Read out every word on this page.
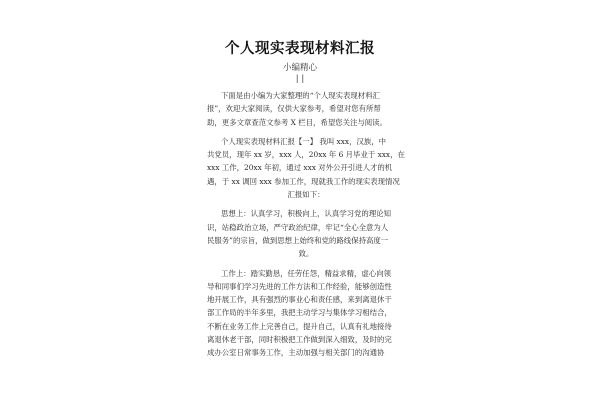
个人现实表现材料汇报
小编精心
| |
下面是由小编为大家整理的“个人现实表现材料汇
报”，欢迎大家阅读，仅供大家参考，希望对您有所帮
助，更多文章查范文参考 X 栏目，希望您关注与阅读。
个人现实表现材料汇报【一】 我叫 xxx，汉族，中
共党员，现年 xx 岁，xxx 人，20xx 年 6 月毕业于 xxx，在
xxx 工作，20xx 年初，通过 xxx 对外公开引进人才的机
遇，于 xx 调回 xxx 参加工作，现就我工作的现实表现情况
汇报如下：
思想上：认真学习，积极向上，认真学习党的理论知
识，站稳政治立场，严守政治纪律，牢记“全心全意为人
民服务”的宗旨，做到思想上始终和党的路线保持高度一
致。
工作上：踏实勤恳，任劳任怨，精益求精，虚心向领
导和同事们学习先进的工作方法和工作经验，能够创造性
地开展工作，具有强烈的事业心和责任感，来到离退休干
部工作局的半年多里，我把主动学习与集体学习相结合，
不断在业务工作上完善自己，提升自己，认真有礼地接待
离退休老干部，同时积极把工作做到深入细致，及时的完
成办公室日常事务工作，主动加强与相关部门的沟通协
